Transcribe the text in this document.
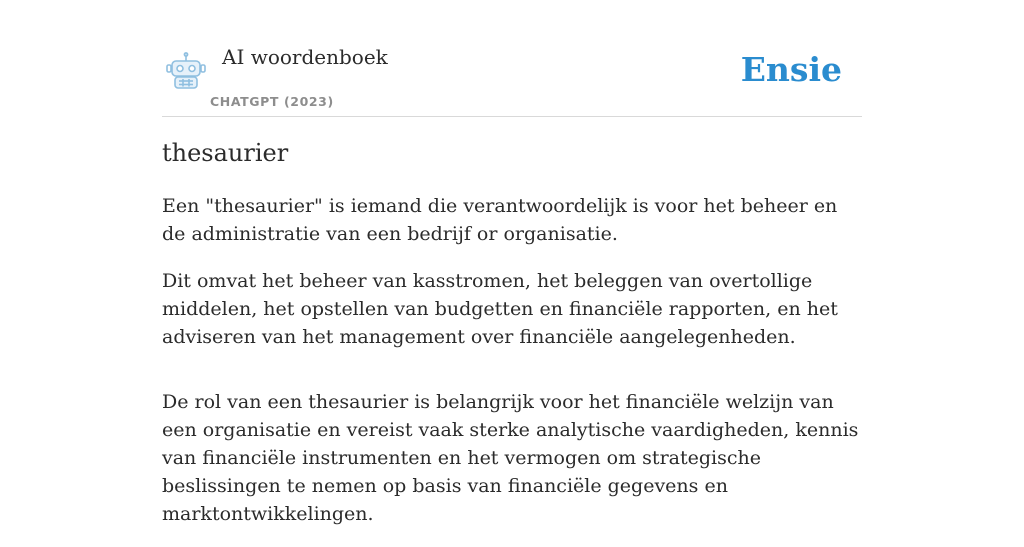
AI woordenboek
CHATGPT (2023)
Ensie
thesaurier

Een "thesaurier" is iemand die verantwoordelijk is voor het beheer en de administratie van een bedrijf or organisatie.

Dit omvat het beheer van kasstromen, het beleggen van overtollige middelen, het opstellen van budgetten en financiële rapporten, en het adviseren van het management over financiële aangelegenheden.

De rol van een thesaurier is belangrijk voor het financiële welzijn van een organisatie en vereist vaak sterke analytische vaardigheden, kennis van financiële instrumenten en het vermogen om strategische beslissingen te nemen op basis van financiële gegevens en marktontwikkelingen.
